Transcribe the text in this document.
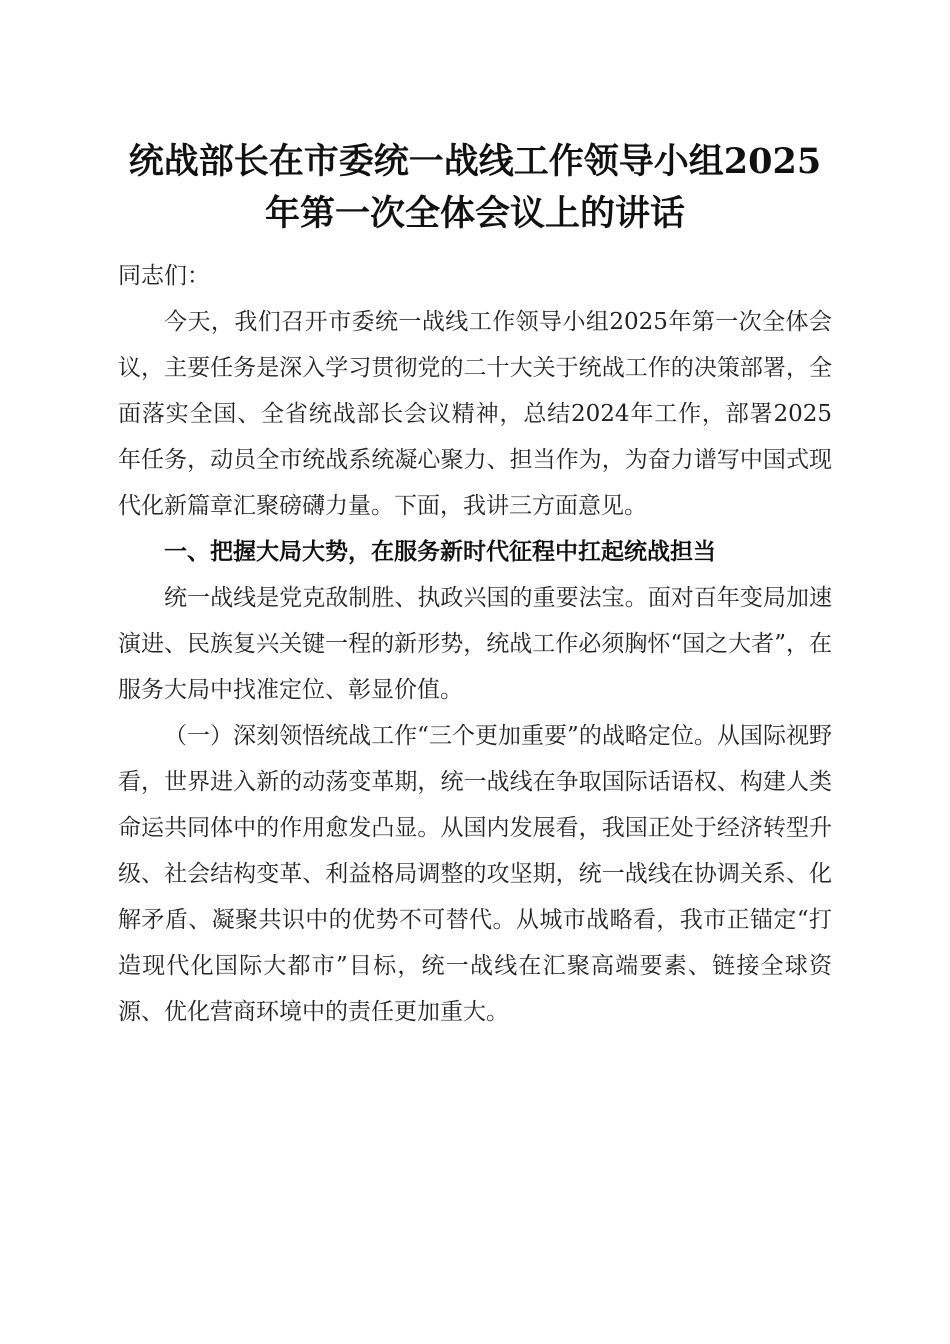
统战部长在市委统一战线工作领导小组2025年第一次全体会议上的讲话

同志们：

今天，我们召开市委统一战线工作领导小组2025年第一次全体会议，主要任务是深入学习贯彻党的二十大关于统战工作的决策部署，全面落实全国、全省统战部长会议精神，总结2024年工作，部署2025年任务，动员全市统战系统凝心聚力、担当作为，为奋力谱写中国式现代化新篇章汇聚磅礴力量。下面，我讲三方面意见。

一、把握大局大势，在服务新时代征程中扛起统战担当

统一战线是党克敌制胜、执政兴国的重要法宝。面对百年变局加速演进、民族复兴关键一程的新形势，统战工作必须胸怀“国之大者”，在服务大局中找准定位、彰显价值。

（一）深刻领悟统战工作“三个更加重要”的战略定位。从国际视野看，世界进入新的动荡变革期，统一战线在争取国际话语权、构建人类命运共同体中的作用愈发凸显。从国内发展看，我国正处于经济转型升级、社会结构变革、利益格局调整的攻坚期，统一战线在协调关系、化解矛盾、凝聚共识中的优势不可替代。从城市战略看，我市正锚定“打造现代化国际大都市”目标，统一战线在汇聚高端要素、链接全球资源、优化营商环境中的责任更加重大。
